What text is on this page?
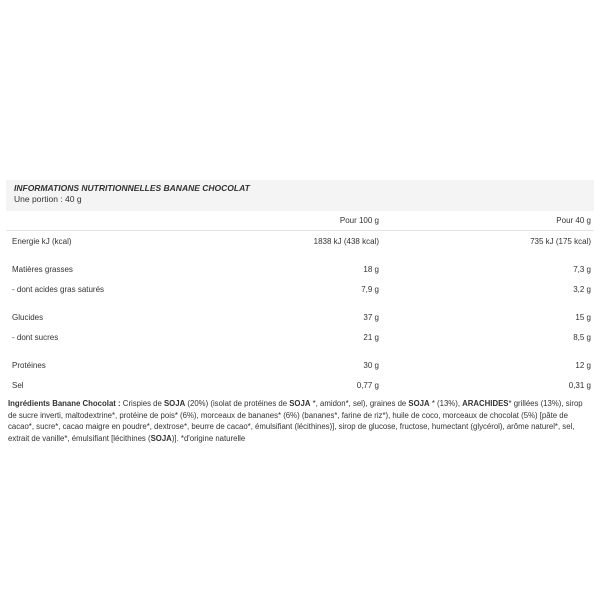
INFORMATIONS NUTRITIONNELLES BANANE CHOCOLAT
Une portion : 40 g
	Pour 100 g		Pour 40 g
Energie kJ (kcal)	1838 kJ (438 kcal)		735 kJ (175 kcal)

Matières grasses	18 g		7,3 g
- dont acides gras saturés	7,9 g		3,2 g

Glucides	37 g		15 g
- dont sucres	21 g		8,5 g

Protéines	30 g		12 g
Sel	0,77 g		0,31 g
Ingrédients Banane Chocolat : Crispies de SOJA (20%) (isolat de protéines de SOJA *, amidon*, sel), graines de SOJA * (13%), ARACHIDES* grillées (13%), sirop de sucre inverti, maltodextrine*, protéine de pois* (6%), morceaux de bananes* (6%) (bananes*, farine de riz*), huile de coco, morceaux de chocolat (5%) [pâte de cacao*, sucre*, cacao maigre en poudre*, dextrose*, beurre de cacao*, émulsifiant (lécithines)], sirop de glucose, fructose, humectant (glycérol), arôme naturel*, sel, extrait de vanille*, émulsifiant [lécithines (SOJA)]. *d'origine naturelle
